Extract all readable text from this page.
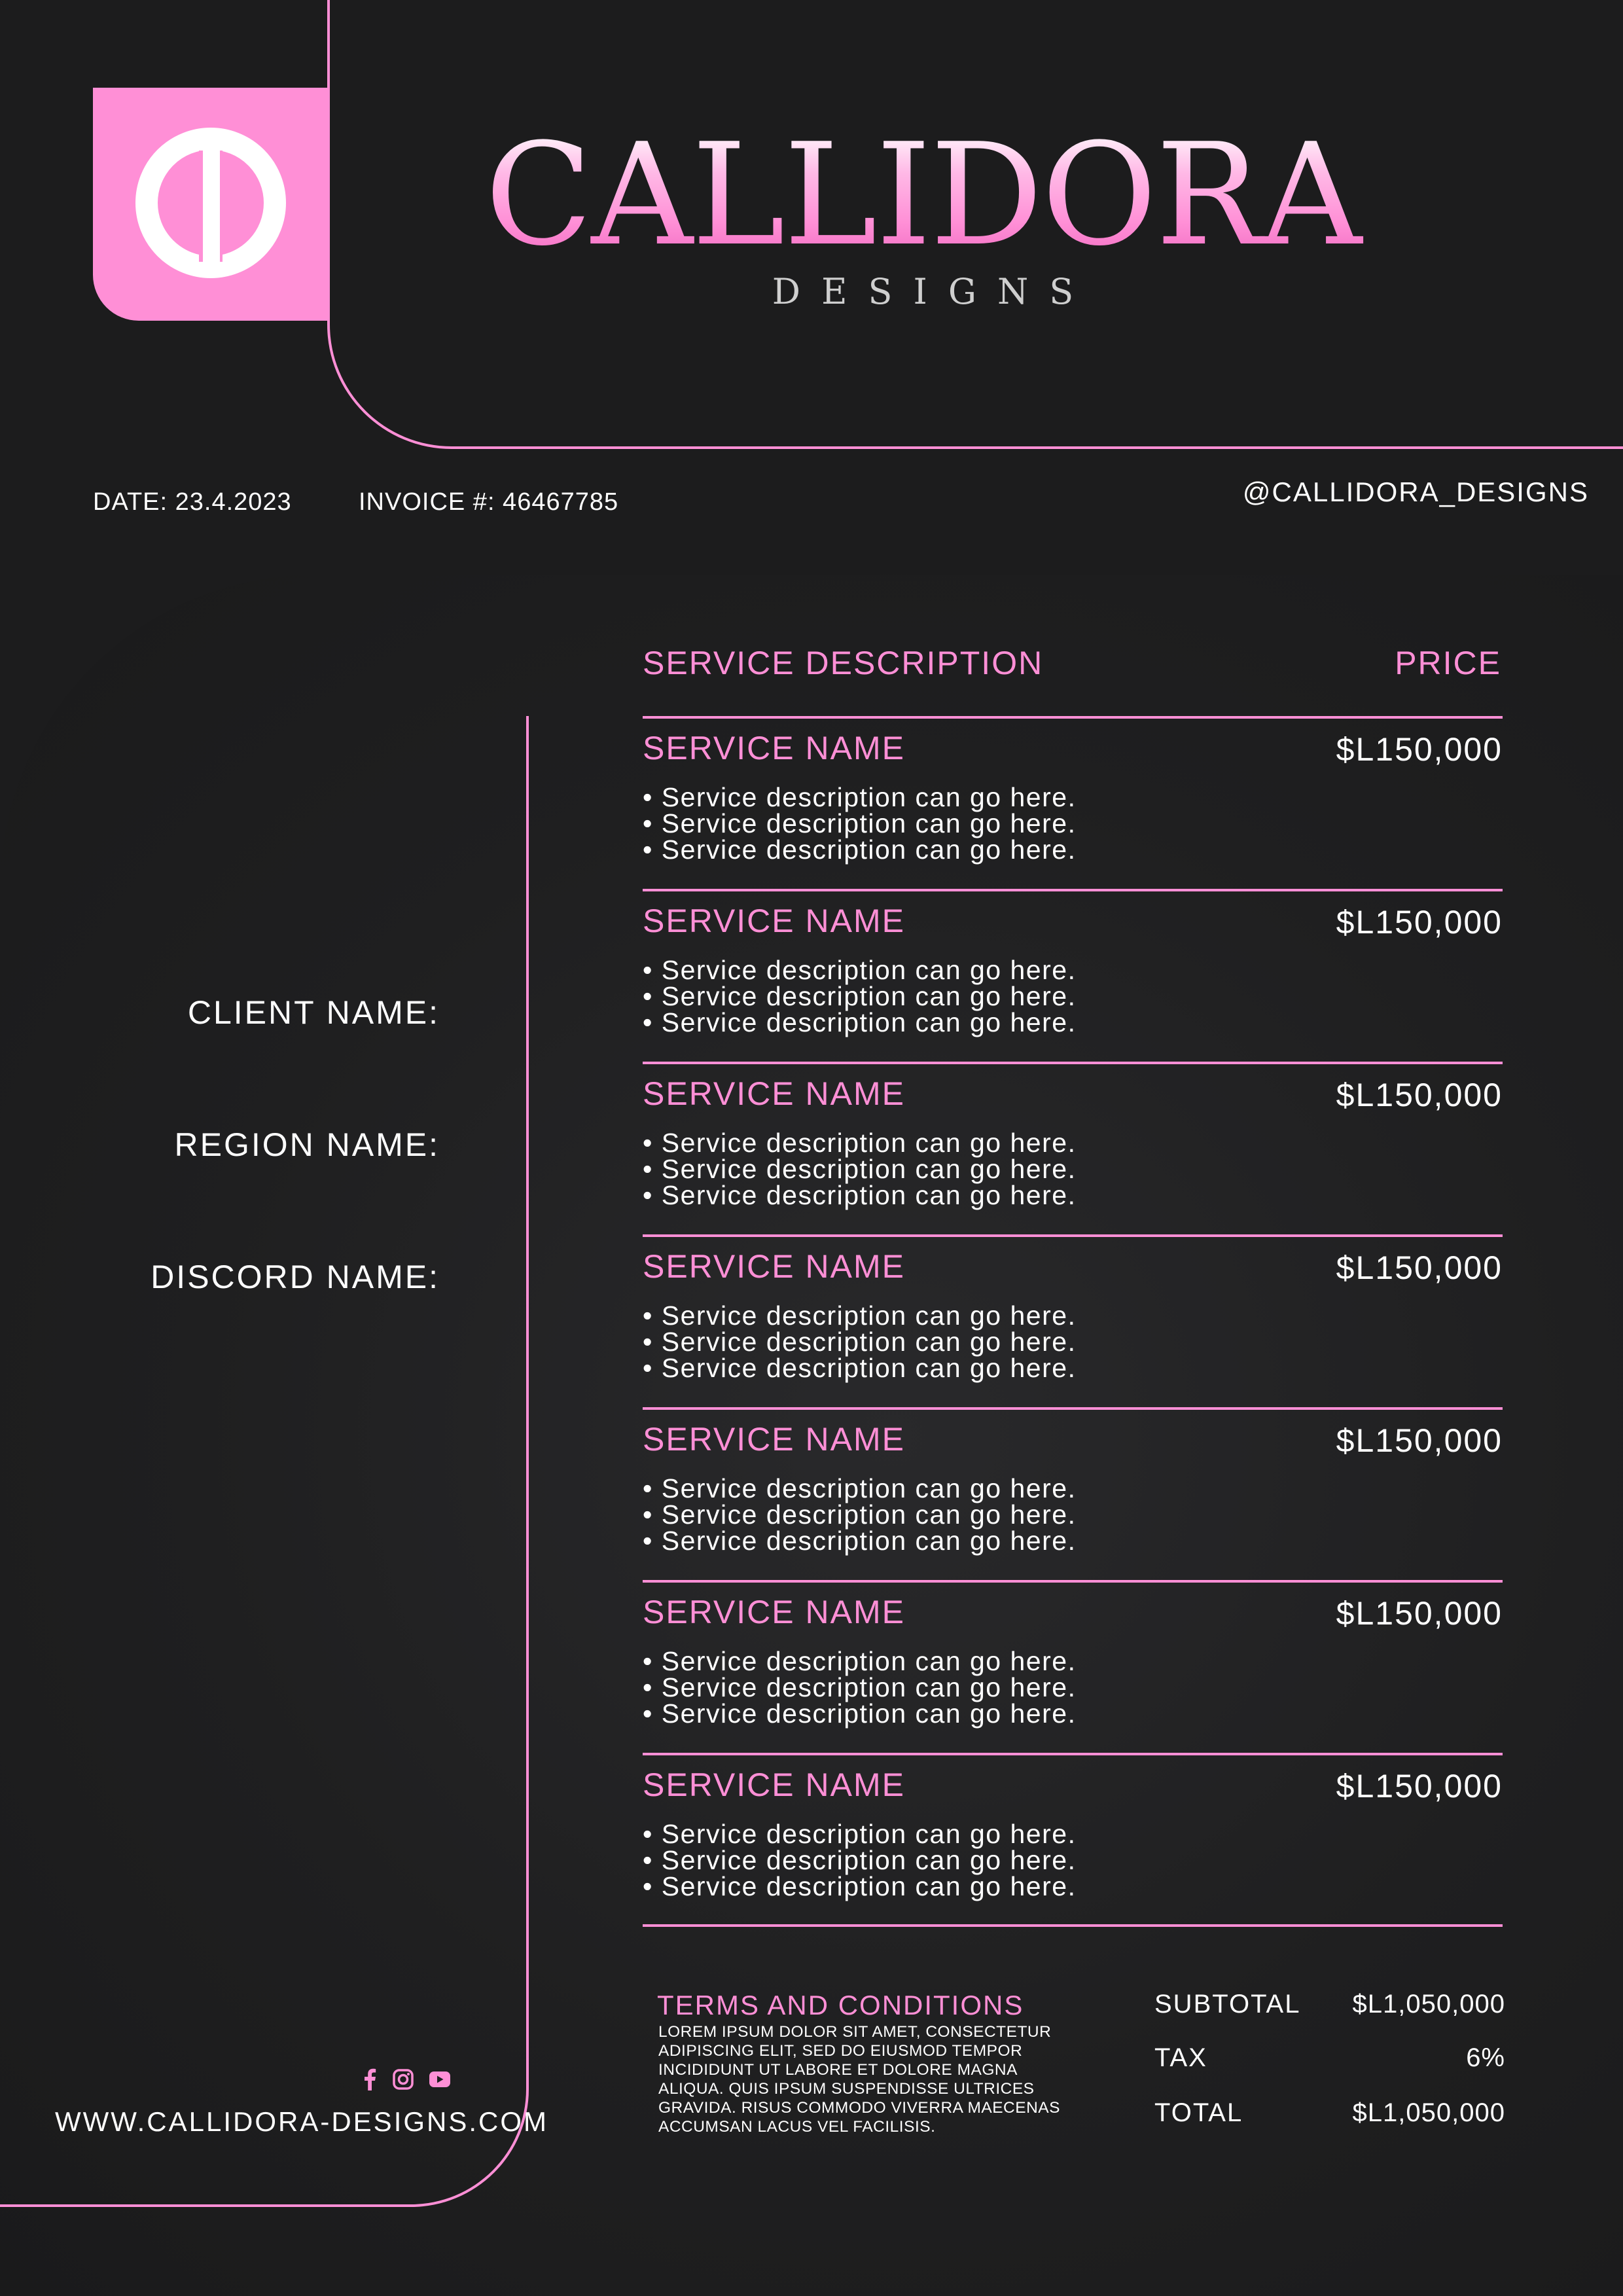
CALLIDORA
DESIGNS
DATE: 23.4.2023	INVOICE #: 46467785	@CALLIDORA_DESIGNS
CLIENT NAME:
REGION NAME:
DISCORD NAME:
WWW.CALLIDORA-DESIGNS.COM
SERVICE DESCRIPTION	PRICE
SERVICE NAME	$L150,000
• Service description can go here.
• Service description can go here.
• Service description can go here.
SERVICE NAME	$L150,000
• Service description can go here.
• Service description can go here.
• Service description can go here.
SERVICE NAME	$L150,000
• Service description can go here.
• Service description can go here.
• Service description can go here.
SERVICE NAME	$L150,000
• Service description can go here.
• Service description can go here.
• Service description can go here.
SERVICE NAME	$L150,000
• Service description can go here.
• Service description can go here.
• Service description can go here.
SERVICE NAME	$L150,000
• Service description can go here.
• Service description can go here.
• Service description can go here.
SERVICE NAME	$L150,000
• Service description can go here.
• Service description can go here.
• Service description can go here.
TERMS AND CONDITIONS
LOREM IPSUM DOLOR SIT AMET, CONSECTETUR ADIPISCING ELIT, SED DO EIUSMOD TEMPOR INCIDIDUNT UT LABORE ET DOLORE MAGNA ALIQUA. QUIS IPSUM SUSPENDISSE ULTRICES GRAVIDA. RISUS COMMODO VIVERRA MAECENAS ACCUMSAN LACUS VEL FACILISIS.
SUBTOTAL $L1,050,000
TAX	6%
TOTAL	$L1,050,000
